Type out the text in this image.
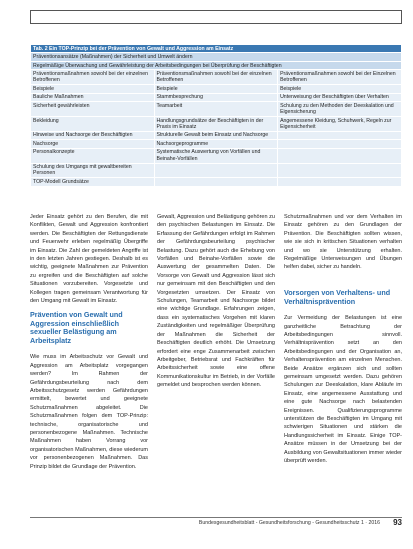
Tab. 2 Ein TOP-Prinzip bei der Prävention von Gewalt und Aggression am Einsatz		
Präventionsansätze (Maßnahmen) der Sicherheit und Umwelt ändern		
Regelmäßige Überwachung und Gewährleistung der Arbeitsbedingungen bei Überprüfung der Beschäftigten		
Präventionsmaßnahmen sowohl bei der einzelnen Betroffenen	Präventionsmaßnahmen sowohl bei der einzelnen Betroffenen	Präventionsmaßnahmen sowohl bei der Einzelnen Betroffenen
Beispiele	Beispiele	Beispiele
Bauliche Maßnahmen	Stammbesprechung	Unterweisung der Beschäftigten über Verhalten
Sicherheit gewährleisten	Teamarbeit	Schulung zu den Methoden der Deeskalation und Eigensicherung
Bekleidung	Handlungsgrundsätze der Beschäftigten in der Praxis im Einsatz	Angemessene Kleidung, Schuhwerk, Regeln zur Eigensicherheit
Hinweise und Nachsorge der Beschäftigten	Strukturelle Gewalt beim Einsatz und Nachsorge	
Nachsorge	Nachsorgeprogramme	
Personalkonzepte	Systematische Auswertung von Vorfällen und Beinahe-Vorfällen	
Schulung des Umgangs mit gewaltbereiten Personen		
TOP-Modell Grundsätze		

Jeder Einsatz gehört zu den Berufen, die mit Konflikten, Gewalt und Aggression konfrontiert werden. Die Beschäftigten der Rettungsdienste und Feuerwehr erleben regelmäßig Übergriffe im Einsatz. Die Zahl der gemeldeten Angriffe ist in den letzten Jahren gestiegen. Deshalb ist es wichtig, geeignete Maßnahmen zur Prävention zu ergreifen und die Beschäftigten auf solche Situationen vorzubereiten. Vorgesetzte und Kollegen tragen gemeinsam Verantwortung für den Umgang mit Gewalt im Einsatz.

Prävention von Gewalt und Aggression einschließlich sexueller Belästigung am Arbeitsplatz

Wie muss im Arbeitsschutz vor Gewalt und Aggression am Arbeitsplatz vorgegangen werden? Im Rahmen der Gefährdungsbeurteilung nach dem Arbeitsschutzgesetz werden Gefährdungen ermittelt, bewertet und geeignete Schutzmaßnahmen abgeleitet. Die Schutzmaßnahmen folgen dem TOP-Prinzip: technische, organisatorische und personenbezogene Maßnahmen. Technische Maßnahmen haben Vorrang vor organisatorischen Maßnahmen, diese wiederum vor personenbezogenen Maßnahmen. Das Prinzip bildet die Grundlage der Prävention.

Gewalt, Aggression und Belästigung gehören zu den psychischen Belastungen im Einsatz. Die Erfassung der Gefährdungen erfolgt im Rahmen der Gefährdungsbeurteilung psychischer Belastung. Dazu gehört auch die Erhebung von Vorfällen und Beinahe-Vorfällen sowie die Auswertung der gesammelten Daten. Die Vorsorge von Gewalt und Aggression lässt sich nur gemeinsam mit den Beschäftigten und den Vorgesetzten umsetzen. Der Einsatz von Schulungen, Teamarbeit und Nachsorge bildet eine wichtige Grundlage. Erfahrungen zeigen, dass ein systematisches Vorgehen mit klaren Zuständigkeiten und regelmäßiger Überprüfung der Maßnahmen die Sicherheit der Beschäftigten deutlich erhöht. Die Umsetzung erfordert eine enge Zusammenarbeit zwischen Arbeitgeber, Betriebsrat und Fachkräften für Arbeitssicherheit sowie eine offene Kommunikationskultur im Betrieb, in der Vorfälle gemeldet und besprochen werden können.

Schutzmaßnahmen und vor dem Verhalten im Einsatz gehören zu den Grundlagen der Prävention. Die Beschäftigten sollten wissen, wie sie sich in kritischen Situationen verhalten und wo sie Unterstützung erhalten. Regelmäßige Unterweisungen und Übungen helfen dabei, sicher zu handeln.

Vorsorgen von Verhaltens- und Verhältnisprävention

Zur Vermeidung der Belastungen ist eine ganzheitliche Betrachtung der Arbeitsbedingungen sinnvoll. Verhältnisprävention setzt an den Arbeitsbedingungen und der Organisation an, Verhaltensprävention am einzelnen Menschen. Beide Ansätze ergänzen sich und sollten gemeinsam umgesetzt werden. Dazu gehören Schulungen zur Deeskalation, klare Abläufe im Einsatz, eine angemessene Ausstattung und eine gute Nachsorge nach belastenden Ereignissen. Qualifizierungsprogramme unterstützen die Beschäftigten im Umgang mit schwierigen Situationen und stärken die Handlungssicherheit im Einsatz. Einige TOP-Ansätze müssen in der Umsetzung bei der Ausbildung von Gewaltsituationen immer wieder überprüft werden.

Bundesgesundheitsblatt - Gesundheitsforschung - Gesundheitsschutz 1 · 2016 93
